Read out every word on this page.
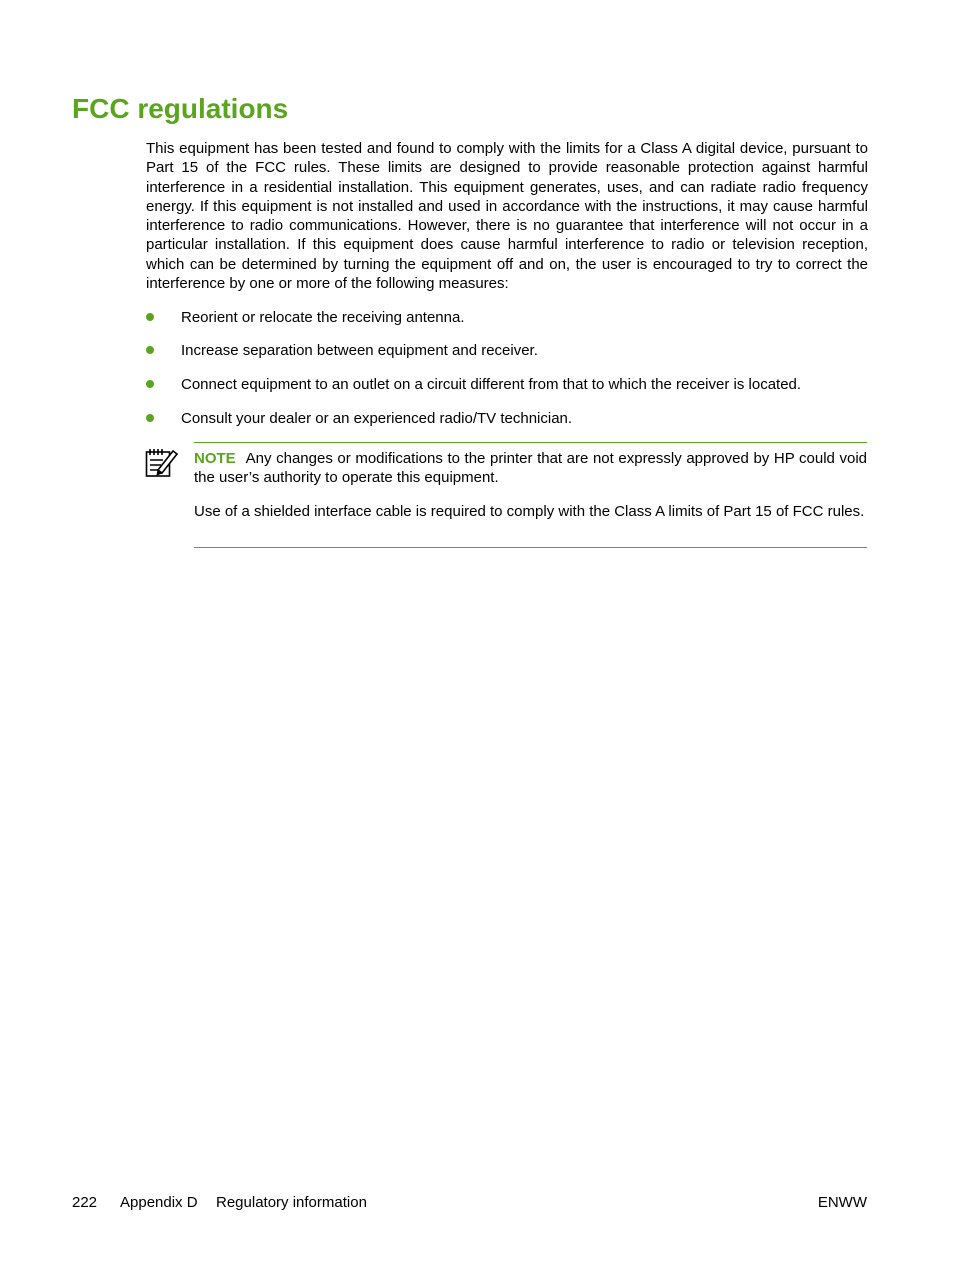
FCC regulations

This equipment has been tested and found to comply with the limits for a Class A digital device, pursuant to Part 15 of the FCC rules. These limits are designed to provide reasonable protection against harmful interference in a residential installation. This equipment generates, uses, and can radiate radio frequency energy. If this equipment is not installed and used in accordance with the instructions, it may cause harmful interference to radio communications. However, there is no guarantee that interference will not occur in a particular installation. If this equipment does cause harmful interference to radio or television reception, which can be determined by turning the equipment off and on, the user is encouraged to try to correct the interference by one or more of the following measures:

Reorient or relocate the receiving antenna.
Increase separation between equipment and receiver.
Connect equipment to an outlet on a circuit different from that to which the receiver is located.
Consult your dealer or an experienced radio/TV technician.

NOTE Any changes or modifications to the printer that are not expressly approved by HP could void the user’s authority to operate this equipment.

Use of a shielded interface cable is required to comply with the Class A limits of Part 15 of FCC rules.

222 Appendix D Regulatory information	ENWW
